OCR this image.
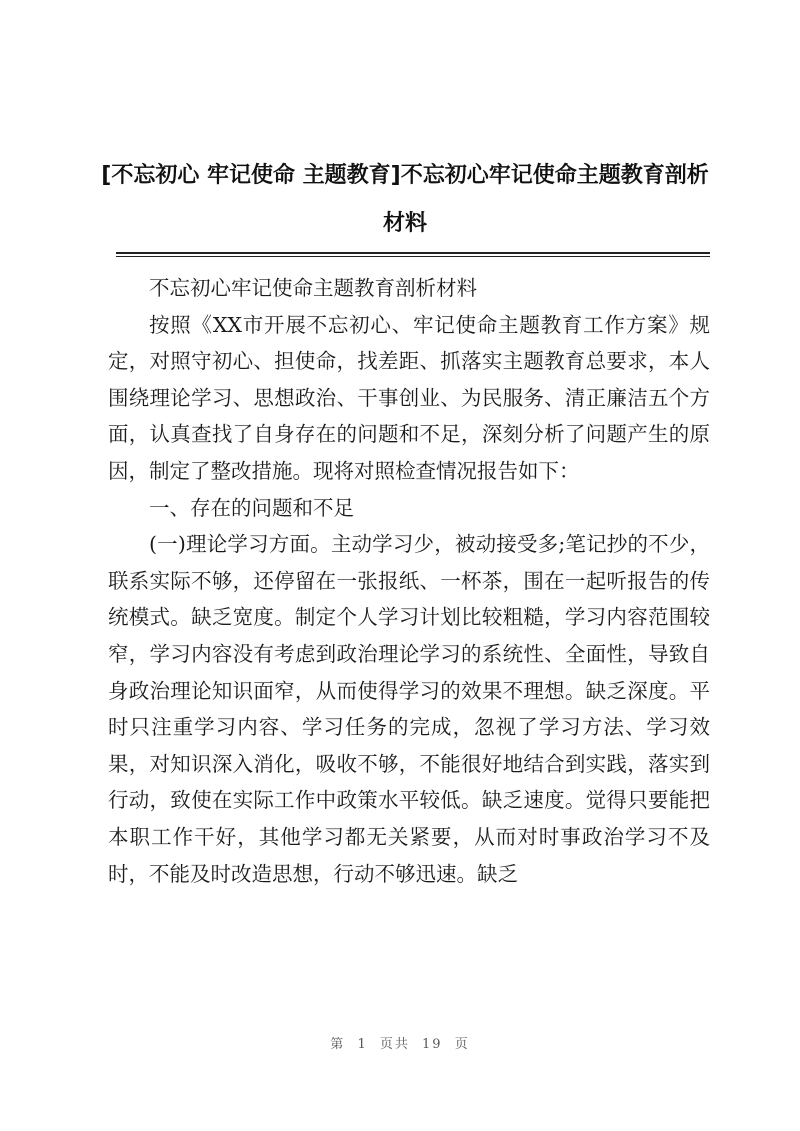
[不忘初心 牢记使命 主题教育]不忘初心牢记使命主题教育剖析
材料

不忘初心牢记使命主题教育剖析材料

按照《XX市开展不忘初心、牢记使命主题教育工作方案》规定，对照守初心、担使命，找差距、抓落实主题教育总要求，本人围绕理论学习、思想政治、干事创业、为民服务、清正廉洁五个方面，认真查找了自身存在的问题和不足，深刻分析了问题产生的原因，制定了整改措施。现将对照检查情况报告如下：

一、存在的问题和不足

(一)理论学习方面。主动学习少，被动接受多;笔记抄的不少，联系实际不够，还停留在一张报纸、一杯茶，围在一起听报告的传统模式。缺乏宽度。制定个人学习计划比较粗糙，学习内容范围较窄，学习内容没有考虑到政治理论学习的系统性、全面性，导致自身政治理论知识面窄，从而使得学习的效果不理想。缺乏深度。平时只注重学习内容、学习任务的完成，忽视了学习方法、学习效果，对知识深入消化，吸收不够，不能很好地结合到实践，落实到行动，致使在实际工作中政策水平较低。缺乏速度。觉得只要能把本职工作干好，其他学习都无关紧要，从而对时事政治学习不及时，不能及时改造思想，行动不够迅速。缺乏

第 1 页共 19 页
